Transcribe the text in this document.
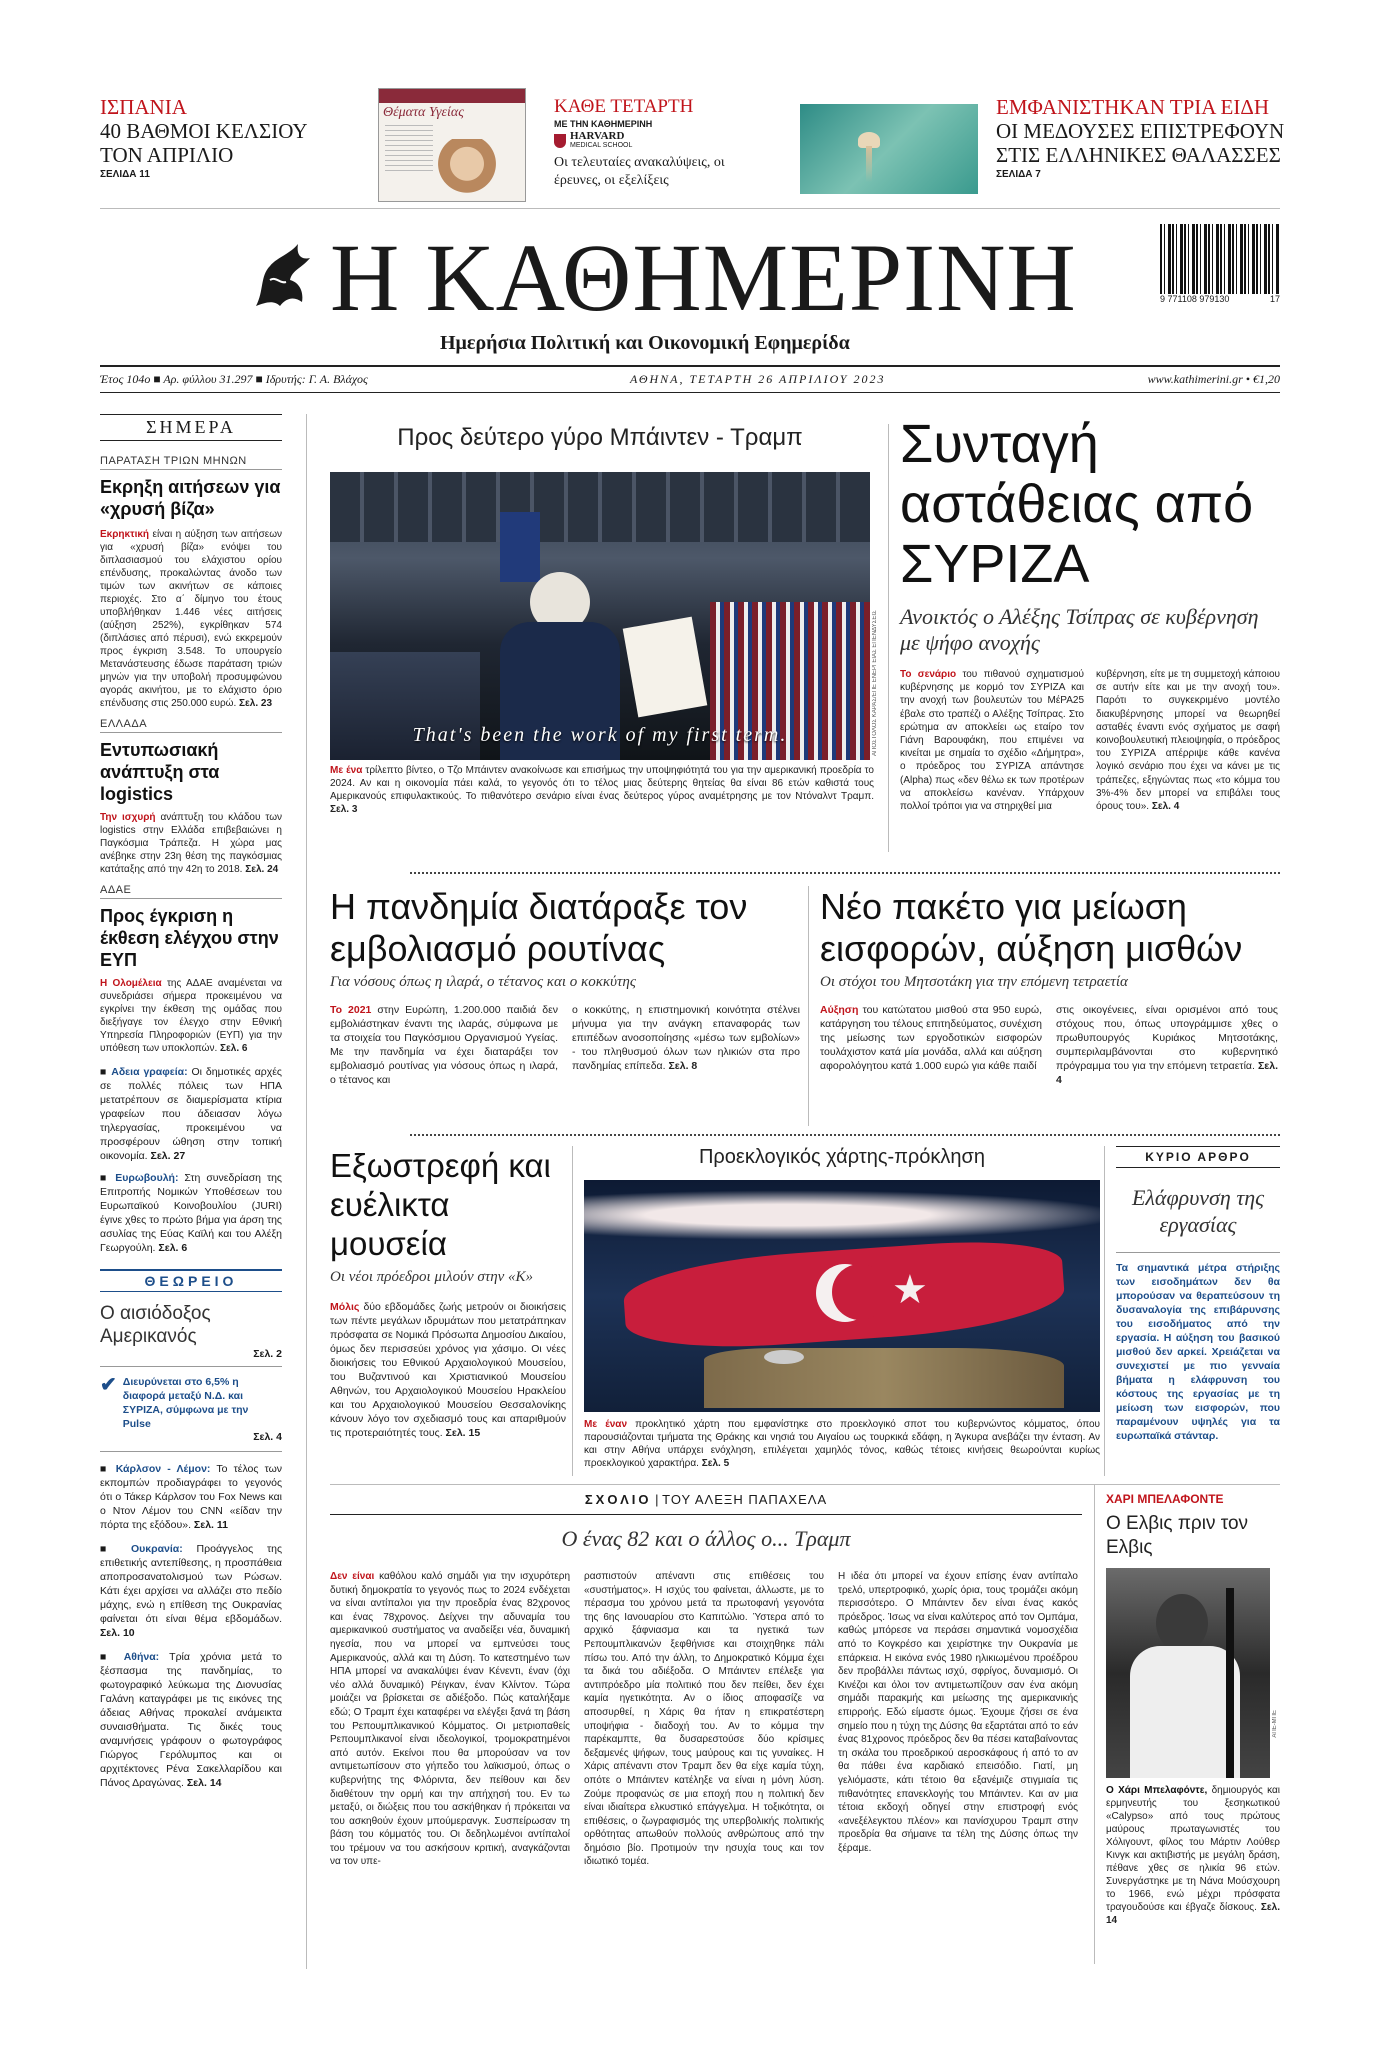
ΙΣΠΑΝΙΑ
40 ΒΑΘΜΟΙ ΚΕΛΣΙΟΥ ΤΟΝ ΑΠΡΙΛΙΟ
ΣΕΛΙΔΑ 11
Θέματα Υγείας	ΚΑΘΕ ΤΕΤΑΡΤΗ
ΜΕ ΤΗΝ ΚΑΘΗΜΕΡΙΝΗ
HARVARD
MEDICAL SCHOOL
Οι τελευταίες ανακαλύψεις, οι έρευνες, οι εξελίξεις
ΕΜΦΑΝΙΣΤΗΚΑΝ ΤΡΙΑ ΕΙΔΗ
ΟΙ ΜΕΔΟΥΣΕΣ ΕΠΙΣΤΡΕΦΟΥΝ ΣΤΙΣ ΕΛΛΗΝΙΚΕΣ ΘΑΛΑΣΣΕΣ
ΣΕΛΙΔΑ 7
Η ΚΑΘΗΜΕΡΙΝΗ
Ημερήσια Πολιτική και Οικονομική Εφημερίδα
9 771108 979130	17
Έτος 104ο ■ Αρ. φύλλου 31.297 ■ Ιδρυτής: Γ. Α. Βλάχος	ΑΘΗΝΑ, ΤΕΤΑΡΤΗ 26 ΑΠΡΙΛΙΟΥ 2023	www.kathimerini.gr • €1,20
ΣΗΜΕΡΑ
ΠΑΡΑΤΑΣΗ ΤΡΙΩΝ ΜΗΝΩΝ
Εκρηξη αιτήσεων για «χρυσή βίζα»
Εκρηκτική είναι η αύξηση των αιτήσεων για «χρυσή βίζα» ενόψει του διπλασιασμού του ελάχιστου ορίου επένδυσης, προκαλώντας άνοδο των τιμών των ακινήτων σε κάποιες περιοχές. Στο α΄ δίμηνο του έτους υποβλήθηκαν 1.446 νέες αιτήσεις (αύξηση 252%), εγκρίθηκαν 574 (διπλάσιες από πέρυσι), ενώ εκκρεμούν προς έγκριση 3.548. Το υπουργείο Μετανάστευσης έδωσε παράταση τριών μηνών για την υποβολή προσυμφώνου αγοράς ακινήτου, με το ελάχιστο όριο επένδυσης στις 250.000 ευρώ. Σελ. 23
ΕΛΛΑΔΑ
Εντυπωσιακή ανάπτυξη στα logistics
Την ισχυρή ανάπτυξη του κλάδου των logistics στην Ελλάδα επιβεβαιώνει η Παγκόσμια Τράπεζα. Η χώρα μας ανέβηκε στην 23η θέση της παγκόσμιας κατάταξης από την 42η το 2018. Σελ. 24
ΑΔΑΕ
Προς έγκριση η έκθεση ελέγχου στην ΕΥΠ
Η Ολομέλεια της ΑΔΑΕ αναμένεται να συνεδριάσει σήμερα προκειμένου να εγκρίνει την έκθεση της ομάδας που διεξήγαγε τον έλεγχο στην Εθνική Υπηρεσία Πληροφοριών (ΕΥΠ) για την υπόθεση των υποκλοπών. Σελ. 6
■ Αδεια γραφεία: Οι δημοτικές αρχές σε πολλές πόλεις των ΗΠΑ μετατρέπουν σε διαμερίσματα κτίρια γραφείων που άδειασαν λόγω τηλεργασίας, προκειμένου να προσφέρουν ώθηση στην τοπική οικονομία. Σελ. 27
■ Ευρωβουλή: Στη συνεδρίαση της Επιτροπής Νομικών Υποθέσεων του Ευρωπαϊκού Κοινοβουλίου (JURI) έγινε χθες το πρώτο βήμα για άρση της ασυλίας της Εύας Καϊλή και του Αλέξη Γεωργούλη. Σελ. 6
ΘΕΩΡΕΙΟ
Ο αισιόδοξος Αμερικανός
Σελ. 2
✔ Διευρύνεται στο 6,5% η διαφορά μεταξύ Ν.Δ. και ΣΥΡΙΖΑ, σύμφωνα με την Pulse
Σελ. 4
■ Κάρλσον - Λέμον: Το τέλος των εκπομπών προδιαγράφει το γεγονός ότι ο Τάκερ Κάρλσον του Fox News και ο Ντον Λέμον του CNN «είδαν την πόρτα της εξόδου». Σελ. 11
■ Ουκρανία: Προάγγελος της επιθετικής αντεπίθεσης, η προσπάθεια αποπροσανατολισμού των Ρώσων. Κάτι έχει αρχίσει να αλλάζει στο πεδίο μάχης, ενώ η επίθεση της Ουκρανίας φαίνεται ότι είναι θέμα εβδομάδων. Σελ. 10
■ Αθήνα: Τρία χρόνια μετά το ξέσπασμα της πανδημίας, το φωτογραφικό λεύκωμα της Διονυσίας Γαλάνη καταγράφει με τις εικόνες της άδειας Αθήνας προκαλεί ανάμεικτα συναισθήματα. Τις δικές τους αναμνήσεις γράφουν ο φωτογράφος Γιώργος Γερόλυμπος και οι αρχιτέκτονες Ρένα Σακελλαρίδου και Πάνος Δραγώνας. Σελ. 14
Προς δεύτερο γύρο Μπάιντεν - Τραμπ
That's been the work of my first term.	ΑΠΟΣΤΟΛΟΣ ΚΑΡΑΣ/ΕΠΕ ΕΝΕΡΓΕΙΑΣ ΕΠΕΝΔΥΣΕΙΣ
Με ένα τρίλεπτο βίντεο, ο Τζο Μπάιντεν ανακοίνωσε και επισήμως την υποψηφιότητά του για την αμερικανική προεδρία το 2024. Αν και η οικονομία πάει καλά, το γεγονός ότι το τέλος μιας δεύτερης θητείας θα είναι 86 ετών καθιστά τους Αμερικανούς επιφυλακτικούς. Το πιθανότερο σενάριο είναι ένας δεύτερος γύρος αναμέτρησης με τον Ντόναλντ Τραμπ. Σελ. 3
Συνταγή αστάθειας από ΣΥΡΙΖΑ
Ανοικτός ο Αλέξης Τσίπρας σε κυβέρνηση με ψήφο ανοχής
Το σενάριο του πιθανού σχηματισμού κυβέρνησης με κορμό τον ΣΥΡΙΖΑ και την ανοχή των βουλευτών του ΜέΡΑ25 έβαλε στο τραπέζι ο Αλέξης Τσίπρας. Στο ερώτημα αν αποκλείει ως εταίρο τον Γιάνη Βαρουφάκη, που επιμένει να κινείται με σημαία το σχέδιο «Δήμητρα», ο πρόεδρος του ΣΥΡΙΖΑ απάντησε (Alpha) πως «δεν θέλω εκ των προτέρων να αποκλείσω κανέναν. Υπάρχουν πολλοί τρόποι για να στηριχθεί μια
κυβέρνηση, είτε με τη συμμετοχή κάποιου σε αυτήν είτε και με την ανοχή του». Παρότι το συγκεκριμένο μοντέλο διακυβέρνησης μπορεί να θεωρηθεί ασταθές έναντι ενός σχήματος με σαφή κοινοβουλευτική πλειοψηφία, ο πρόεδρος του ΣΥΡΙΖΑ απέρριψε κάθε κανένα λογικό σενάριο που έχει να κάνει με τις τράπεζες, εξηγώντας πως «το κόμμα του 3%-4% δεν μπορεί να επιβάλει τους όρους του». Σελ. 4
Η πανδημία διατάραξε τον εμβολιασμό ρουτίνας
Για νόσους όπως η ιλαρά, ο τέτανος και ο κοκκύτης
Το 2021 στην Ευρώπη, 1.200.000 παιδιά δεν εμβολιάστηκαν έναντι της ιλαράς, σύμφωνα με τα στοιχεία του Παγκόσμιου Οργανισμού Υγείας. Με την πανδημία να έχει διαταράξει τον εμβολιασμό ρουτίνας για νόσους όπως η ιλαρά, ο τέτανος και
ο κοκκύτης, η επιστημονική κοινότητα στέλνει μήνυμα για την ανάγκη επαναφοράς των επιπέδων ανοσοποίησης «μέσω των εμβολίων» - του πληθυσμού όλων των ηλικιών στα προ πανδημίας επίπεδα. Σελ. 8
Νέο πακέτο για μείωση εισφορών, αύξηση μισθών
Οι στόχοι του Μητσοτάκη για την επόμενη τετραετία
Αύξηση του κατώτατου μισθού στα 950 ευρώ, κατάργηση του τέλους επιτηδεύματος, συνέχιση της μείωσης των εργοδοτικών εισφορών τουλάχιστον κατά μία μονάδα, αλλά και αύξηση αφορολόγητου κατά 1.000 ευρώ για κάθε παιδί
στις οικογένειες, είναι ορισμένοι από τους στόχους που, όπως υπογράμμισε χθες ο πρωθυπουργός Κυριάκος Μητσοτάκης, συμπεριλαμβάνονται στο κυβερνητικό πρόγραμμα του για την επόμενη τετραετία. Σελ. 4
Εξωστρεφή και ευέλικτα μουσεία
Οι νέοι πρόεδροι μιλούν στην «Κ»
Μόλις δύο εβδομάδες ζωής μετρούν οι διοικήσεις των πέντε μεγάλων ιδρυμάτων που μετατράπηκαν πρόσφατα σε Νομικά Πρόσωπα Δημοσίου Δικαίου, όμως δεν περισσεύει χρόνος για χάσιμο. Οι νέες διοικήσεις του Εθνικού Αρχαιολογικού Μουσείου, του Βυζαντινού και Χριστιανικού Μουσείου Αθηνών, του Αρχαιολογικού Μουσείου Ηρακλείου και του Αρχαιολογικού Μουσείου Θεσσαλονίκης κάνουν λόγο τον σχεδιασμό τους και απαριθμούν τις προτεραιότητές τους. Σελ. 15
Προεκλογικός χάρτης-πρόκληση
★
Με έναν προκλητικό χάρτη που εμφανίστηκε στο προεκλογικό σποτ του κυβερνώντος κόμματος, όπου παρουσιάζονται τμήματα της Θράκης και νησιά του Αιγαίου ως τουρκικά εδάφη, η Άγκυρα ανεβάζει την ένταση. Αν και στην Αθήνα υπάρχει ενόχληση, επιλέγεται χαμηλός τόνος, καθώς τέτοιες κινήσεις θεωρούνται κυρίως προεκλογικού χαρακτήρα. Σελ. 5
ΚΥΡΙΟ ΑΡΘΡΟ
Ελάφρυνση της εργασίας
Τα σημαντικά μέτρα στήριξης των εισοδημάτων δεν θα μπορούσαν να θεραπεύσουν τη δυσαναλογία της επιβάρυνσης του εισοδήματος από την εργασία. Η αύξηση του βασικού μισθού δεν αρκεί. Χρειάζεται να συνεχιστεί με πιο γενναία βήματα η ελάφρυνση του κόστους της εργασίας με τη μείωση των εισφορών, που παραμένουν υψηλές για τα ευρωπαϊκά στάνταρ.
ΣΧΟΛΙΟ | ΤΟΥ ΑΛΕΞΗ ΠΑΠΑΧΕΛΑ
Ο ένας 82 και ο άλλος ο... Τραμπ
Δεν είναι καθόλου καλό σημάδι για την ισχυρότερη δυτική δημοκρατία το γεγονός πως το 2024 ενδέχεται να είναι αντίπαλοι για την προεδρία ένας 82χρονος και ένας 78χρονος. Δείχνει την αδυναμία του αμερικανικού συστήματος να αναδείξει νέα, δυναμική ηγεσία, που να μπορεί να εμπνεύσει τους Αμερικανούς, αλλά και τη Δύση. Το κατεστημένο των ΗΠΑ μπορεί να ανακαλύψει έναν Κένεντι, έναν (όχι νέο αλλά δυναμικό) Ρέιγκαν, έναν Κλίντον. Τώρα μοιάζει να βρίσκεται σε αδιέξοδο. Πώς καταλήξαμε εδώ; Ο Τραμπ έχει καταφέρει να ελέγξει ξανά τη βάση του Ρεπουμπλικανικού Κόμματος. Οι μετριοπαθείς Ρεπουμπλικανοί είναι ιδεολογικοί, τρομοκρατημένοι από αυτόν. Εκείνοι που θα μπορούσαν να τον αντιμετωπίσουν στο γήπεδο του λαϊκισμού, όπως ο κυβερνήτης της Φλόριντα, δεν πείθουν και δεν διαθέτουν την ορμή και την απήχησή του. Εν τω μεταξύ, οι διώξεις που του ασκήθηκαν ή πρόκειται να του ασκηθούν έχουν μπούμερανγκ. Συσπείρωσαν τη βάση του κόμματός του. Οι δεδηλωμένοι αντίπαλοί του τρέμουν να του ασκήσουν κριτική, αναγκάζονται να τον υπε-
ρασπιστούν απέναντι στις επιθέσεις του «συστήματος». Η ισχύς του φαίνεται, άλλωστε, με το πέρασμα του χρόνου μετά τα πρωτοφανή γεγονότα της 6ης Ιανουαρίου στο Καπιτώλιο. Ύστερα από το αρχικό ξάφνιασμα και τα ηγετικά των Ρεπουμπλικανών ξεφθήνισε και στοιχηθηκε πάλι πίσω του. Από την άλλη, το Δημοκρατικό Κόμμα έχει τα δικά του αδιέξοδα. Ο Μπάιντεν επέλεξε για αντιπρόεδρο μία πολιτικό που δεν πείθει, δεν έχει καμία ηγετικότητα. Αν ο ίδιος αποφασίζε να αποσυρθεί, η Χάρις θα ήταν η επικρατέστερη υποψήφια - διαδοχή του. Αν το κόμμα την παρέκαμπτε, θα δυσαρεστούσε δύο κρίσιμες δεξαμενές ψήφων, τους μαύρους και τις γυναίκες. Η Χάρις απέναντι στον Τραμπ δεν θα είχε καμία τύχη, οπότε ο Μπάιντεν κατέληξε να είναι η μόνη λύση. Ζούμε προφανώς σε μια εποχή που η πολιτική δεν είναι ιδιαίτερα ελκυστικό επάγγελμα. Η τοξικότητα, οι επιθέσεις, ο ζωγραφισμός της υπερβολικής πολιτικής ορθότητας απωθούν πολλούς ανθρώπους από την δημόσιο βίο. Προτιμούν την ησυχία τους και τον ιδιωτικό τομέα.
Η ιδέα ότι μπορεί να έχουν επίσης έναν αντίπαλο τρελό, υπερτροφικό, χωρίς όρια, τους τρομάζει ακόμη περισσότερο. Ο Μπάιντεν δεν είναι ένας κακός πρόεδρος. Ίσως να είναι καλύτερος από τον Ομπάμα, καθώς μπόρεσε να περάσει σημαντικά νομοσχέδια από το Κογκρέσο και χειρίστηκε την Ουκρανία με επάρκεια. Η εικόνα ενός 1980 ηλικιωμένου προέδρου δεν προβάλλει πάντως ισχύ, σφρίγος, δυναμισμό. Οι Κινέζοι και όλοι τον αντιμετωπίζουν σαν ένα ακόμη σημάδι παρακμής και μείωσης της αμερικανικής επιρροής. Εδώ είμαστε όμως. Έχουμε ζήσει σε ένα σημείο που η τύχη της Δύσης θα εξαρτάται από το εάν ένας 81χρονος πρόεδρος δεν θα πέσει καταβαίνοντας τη σκάλα του προεδρικού αεροσκάφους ή από το αν θα πάθει ένα καρδιακό επεισόδιο. Γιατί, μη γελιόμαστε, κάτι τέτοιο θα εξανέμιζε στιγμιαία τις πιθανότητες επανεκλογής του Μπάιντεν. Και αν μια τέτοια εκδοχή οδηγεί στην επιστροφή ενός «ανεξέλεγκτου πλέον» και πανίσχυρου Τραμπ στην προεδρία θα σήμαινε τα τέλη της Δύσης όπως την ξέραμε.
ΧΑΡΙ ΜΠΕΛΑΦΟΝΤΕ
Ο Ελβις πριν τον Ελβις
Ο Χάρι Μπελαφόντε, δημιουργός και ερμηνευτής του ξεσηκωτικού «Calypso» από τους πρώτους μαύρους πρωταγωνιστές του Χόλιγουντ, φίλος του Μάρτιν Λούθερ Κινγκ και ακτιβιστής με μεγάλη δράση, πέθανε χθες σε ηλικία 96 ετών. Συνεργάστηκε με τη Νάνα Μούσχουρη το 1966, ενώ μέχρι πρόσφατα τραγουδούσε και έβγαζε δίσκους. Σελ. 14
ΑΠΕ-ΜΠΕ
